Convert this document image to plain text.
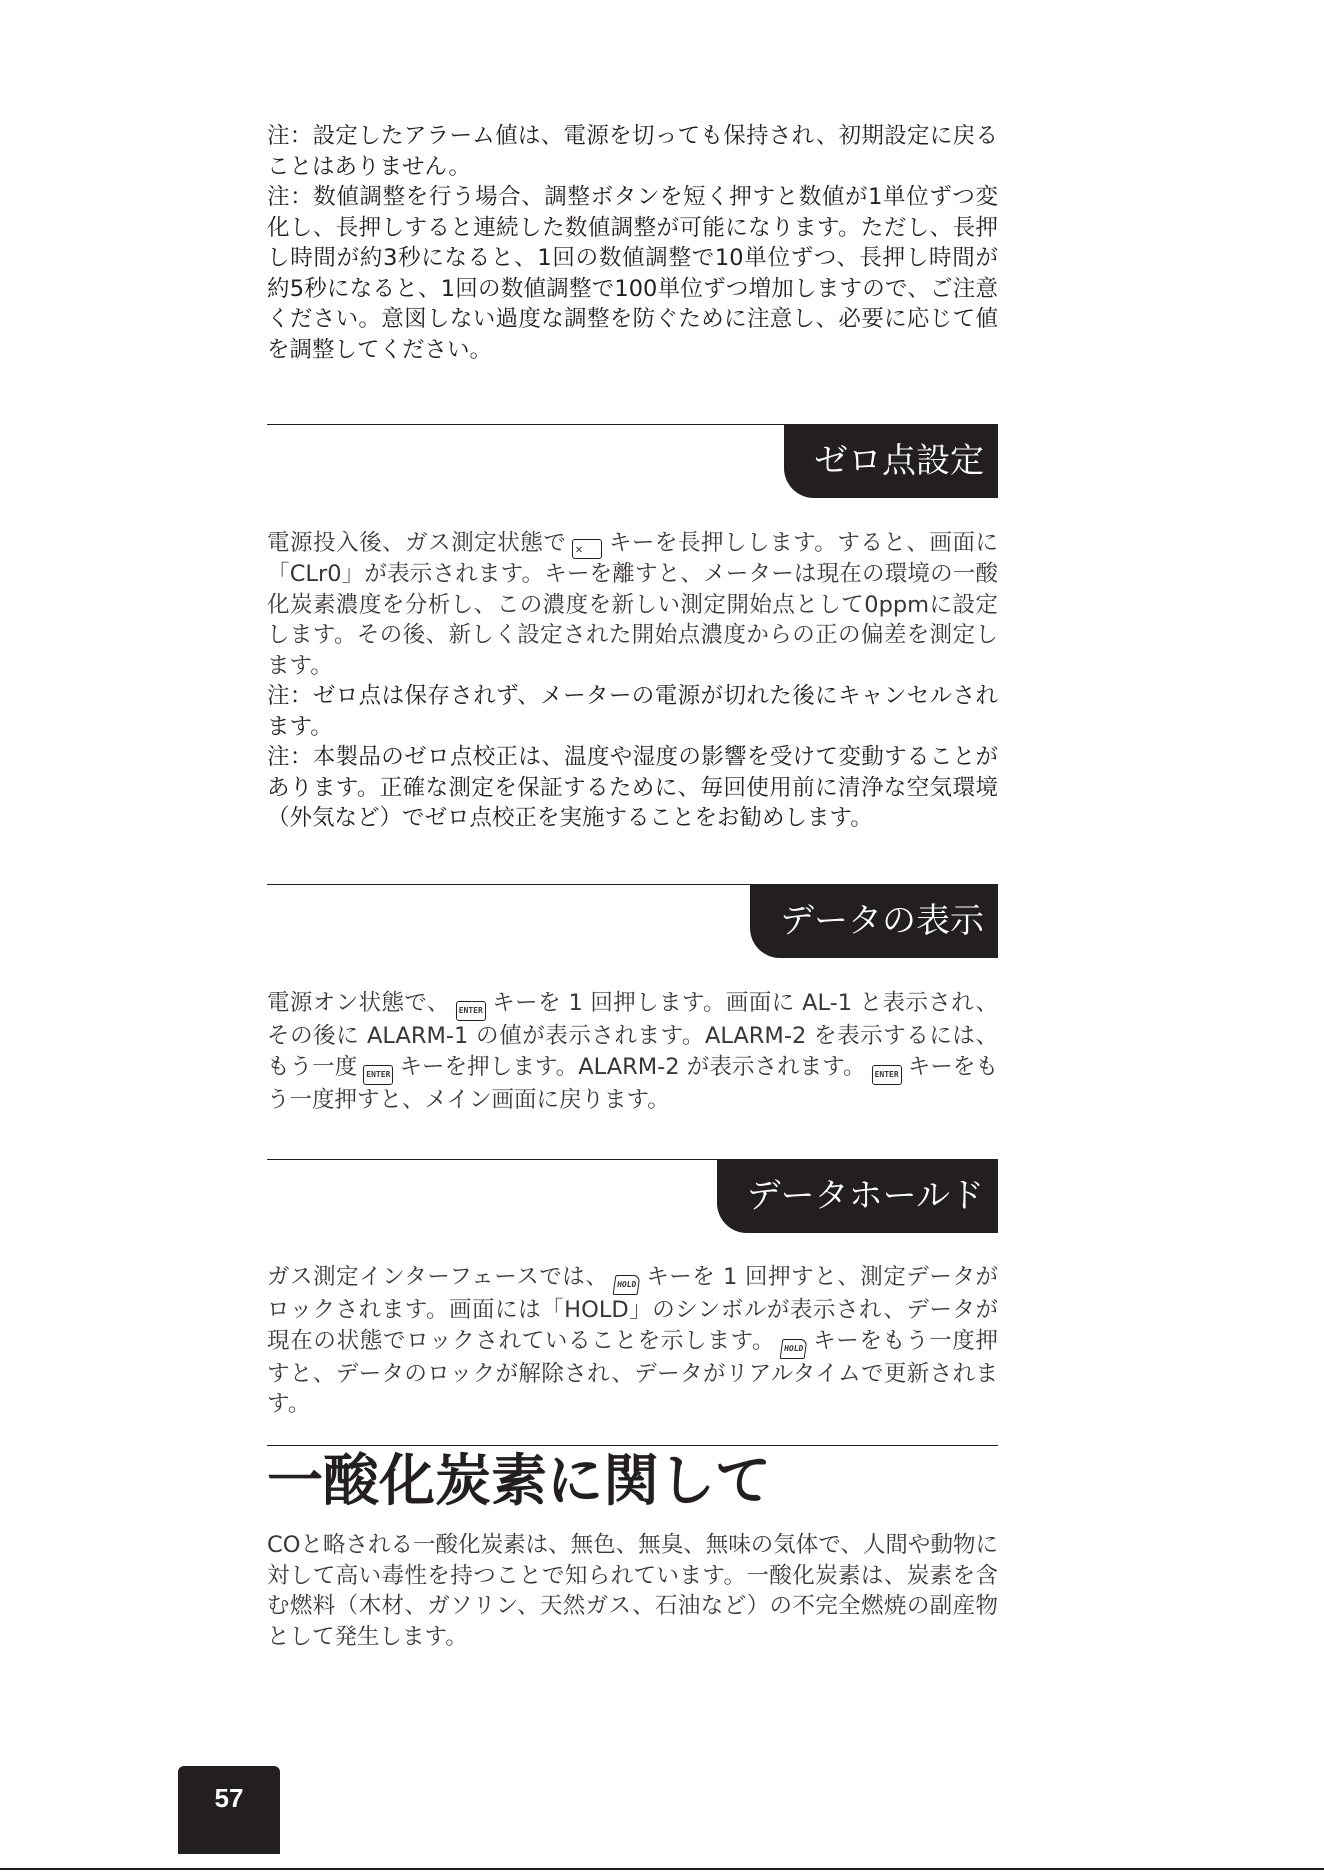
注：設定したアラーム値は、電源を切っても保持され、初期設定に戻ることはありません。

注：数値調整を行う場合、調整ボタンを短く押すと数値が1単位ずつ変化し、長押しすると連続した数値調整が可能になります。ただし、長押し時間が約3秒になると、1回の数値調整で10単位ずつ、長押し時間が約5秒になると、1回の数値調整で100単位ずつ増加しますので、ご注意ください。意図しない過度な調整を防ぐために注意し、必要に応じて値を調整してください。

ゼロ点設定

電源投入後、ガス測定状態で ✕ キーを長押しします。すると、画面に「CLr0」が表示されます。キーを離すと、メーターは現在の環境の一酸化炭素濃度を分析し、この濃度を新しい測定開始点として0ppmに設定します。その後、新しく設定された開始点濃度からの正の偏差を測定します。

注：ゼロ点は保存されず、メーターの電源が切れた後にキャンセルされます。

注：本製品のゼロ点校正は、温度や湿度の影響を受けて変動することがあります。正確な測定を保証するために、毎回使用前に清浄な空気環境（外気など）でゼロ点校正を実施することをお勧めします。

データの表示

電源オン状態で、 ENTER キーを 1 回押します。画面に AL-1 と表示され、その後に ALARM-1 の値が表示されます。ALARM-2 を表示するには、もう一度 ENTER キーを押します。ALARM-2 が表示されます。 ENTER キーをもう一度押すと、メイン画面に戻ります。

データホールド

ガス測定インターフェースでは、 HOLD キーを 1 回押すと、測定データがロックされます。画面には「HOLD」のシンボルが表示され、データが現在の状態でロックされていることを示します。 HOLD キーをもう一度押すと、データのロックが解除され、データがリアルタイムで更新されます。

一酸化炭素に関して

COと略される一酸化炭素は、無色、無臭、無味の気体で、人間や動物に対して高い毒性を持つことで知られています。一酸化炭素は、炭素を含む燃料（木材、ガソリン、天然ガス、石油など）の不完全燃焼の副産物として発生します。

57
